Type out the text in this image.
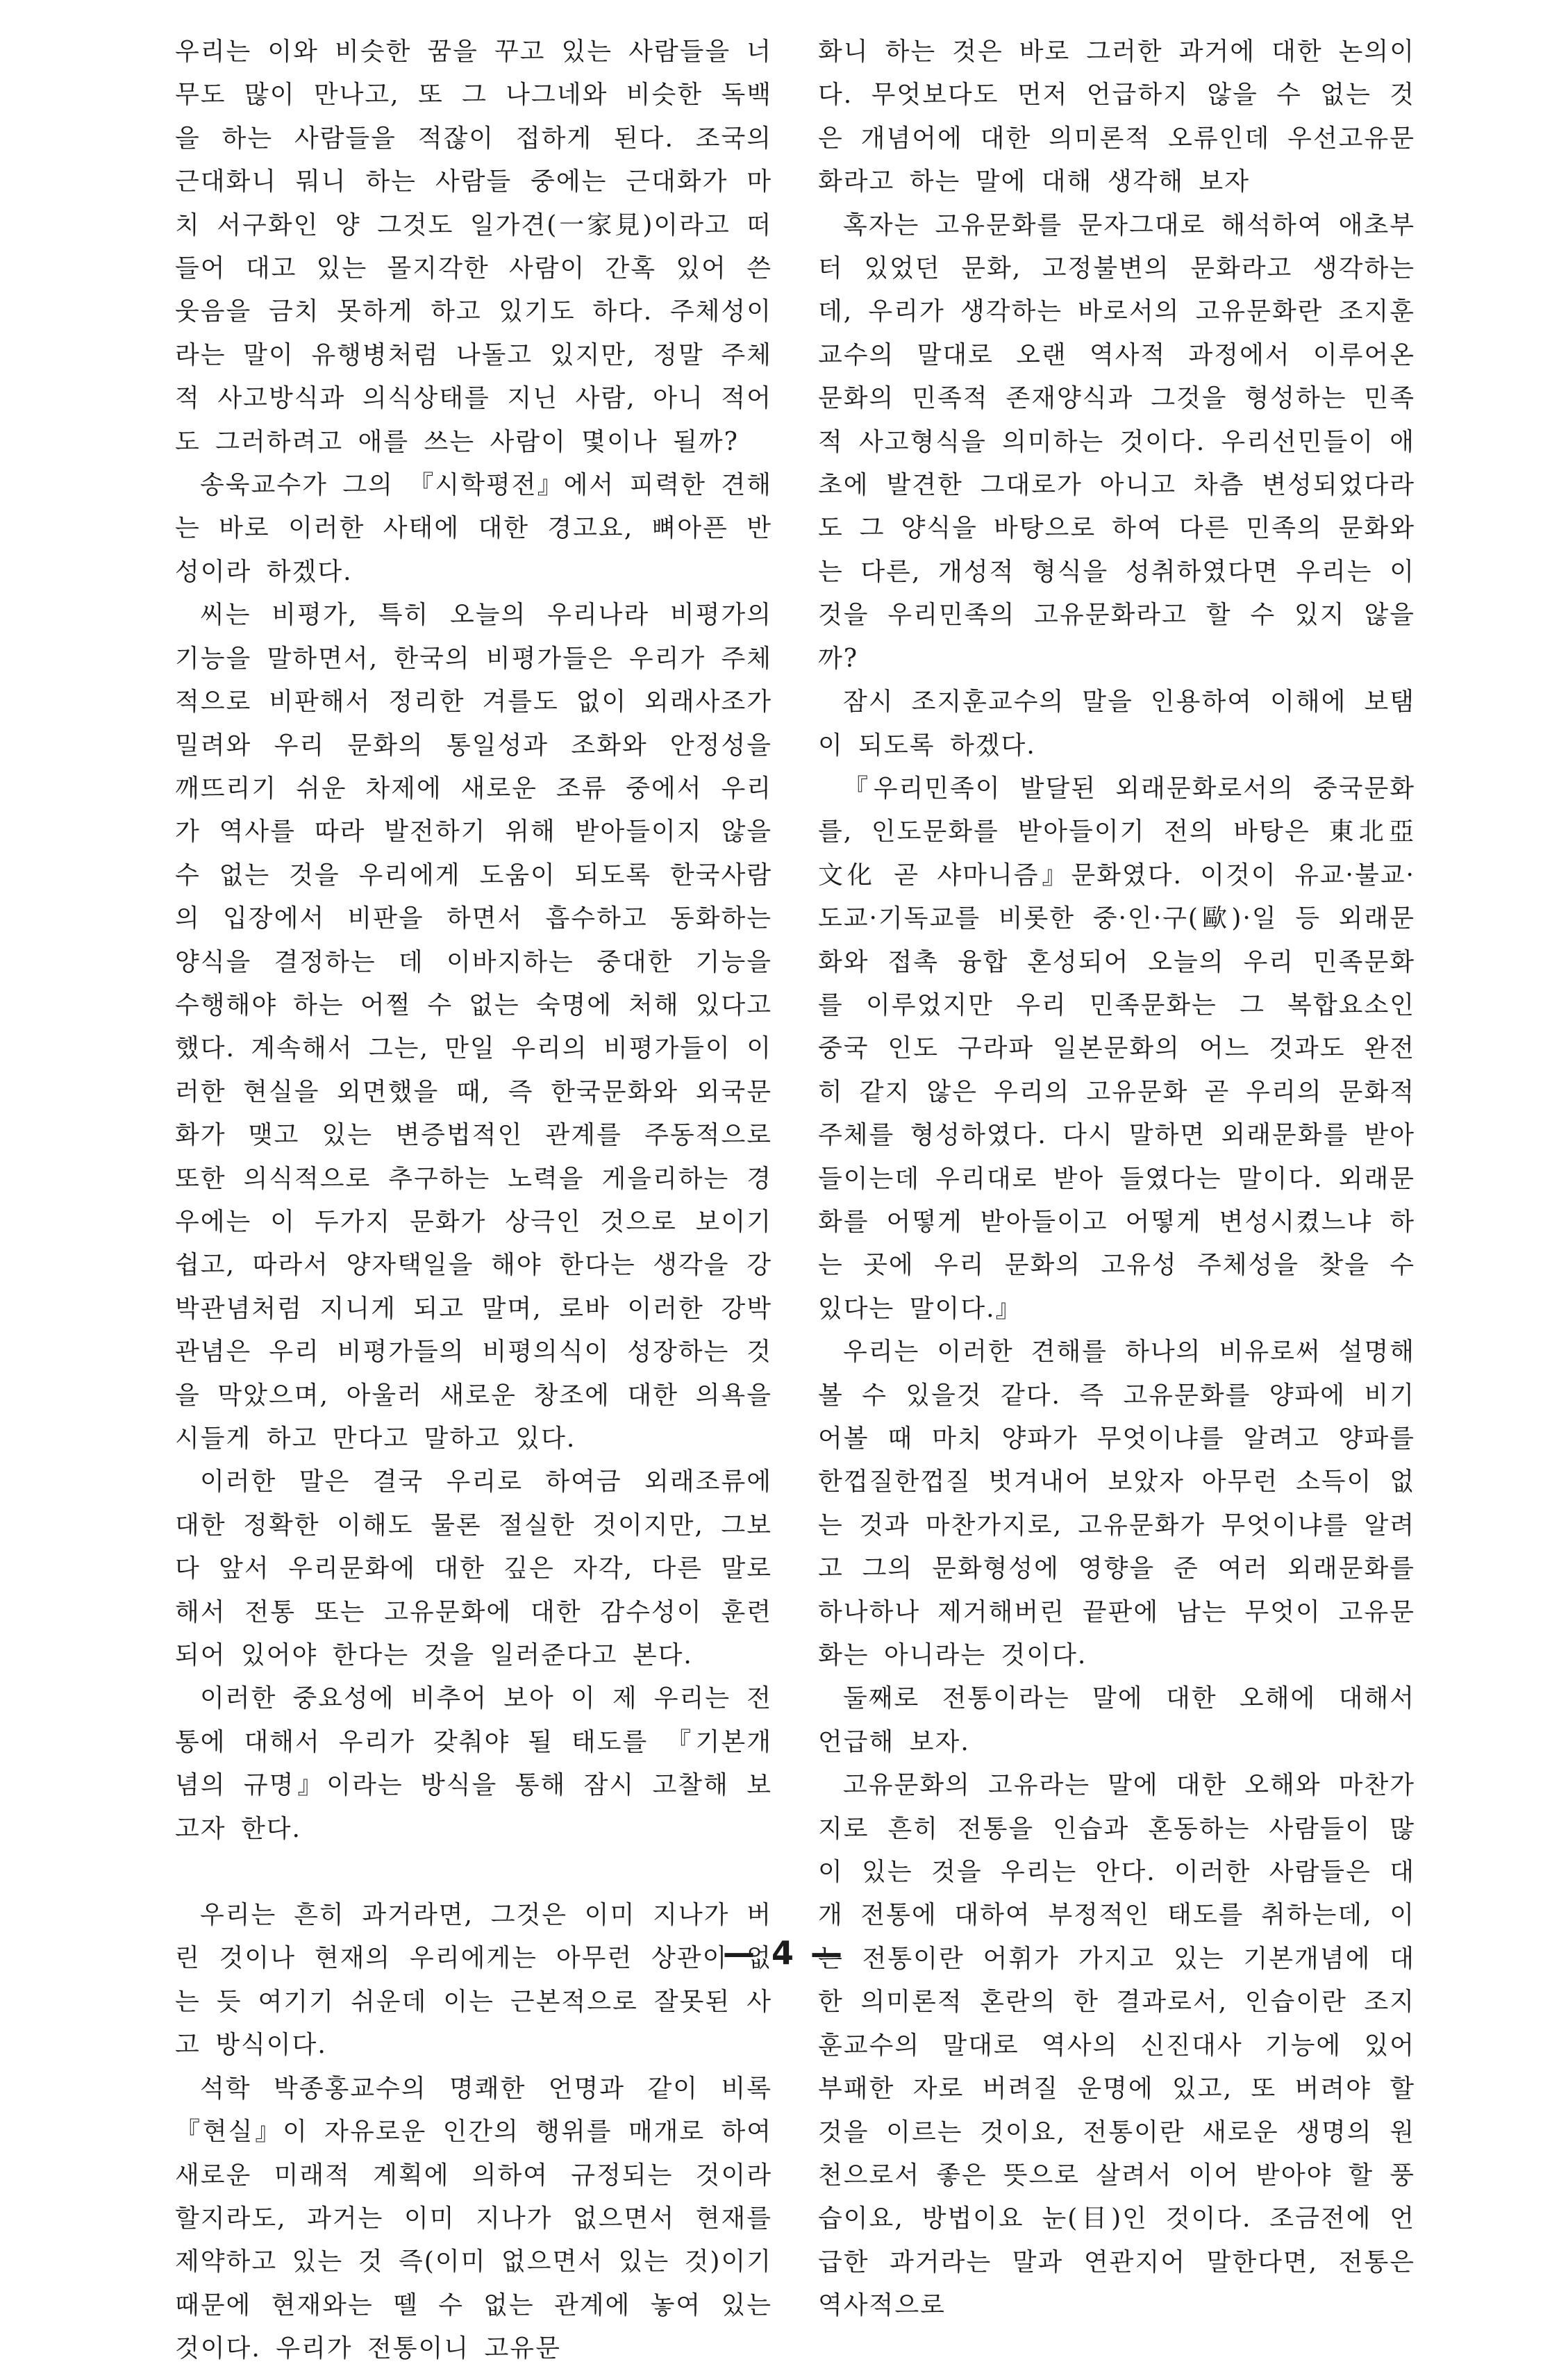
우리는 이와 비슷한 꿈을 꾸고 있는 사람들을 너무도 많이 만나고, 또 그 나그네와 비슷한 독백을 하는 사람들을 적잖이 접하게 된다. 조국의 근대화니 뭐니 하는 사람들 중에는 근대화가 마치 서구화인 양 그것도 일가견(一家見)이라고 떠들어 대고 있는 몰지각한 사람이 간혹 있어 쓴 웃음을 금치 못하게 하고 있기도 하다. 주체성이라는 말이 유행병처럼 나돌고 있지만, 정말 주체적 사고방식과 의식상태를 지닌 사람, 아니 적어도 그러하려고 애를 쓰는 사람이 몇이나 될까?

송욱교수가 그의 『시학평전』에서 피력한 견해는 바로 이러한 사태에 대한 경고요, 뼈아픈 반성이라 하겠다.

씨는 비평가, 특히 오늘의 우리나라 비평가의 기능을 말하면서, 한국의 비평가들은 우리가 주체적으로 비판해서 정리한 겨를도 없이 외래사조가 밀려와 우리 문화의 통일성과 조화와 안정성을 깨뜨리기 쉬운 차제에 새로운 조류 중에서 우리가 역사를 따라 발전하기 위해 받아들이지 않을 수 없는 것을 우리에게 도움이 되도록 한국사람의 입장에서 비판을 하면서 흡수하고 동화하는 양식을 결정하는 데 이바지하는 중대한 기능을 수행해야 하는 어쩔 수 없는 숙명에 처해 있다고 했다. 계속해서 그는, 만일 우리의 비평가들이 이러한 현실을 외면했을 때, 즉 한국문화와 외국문화가 맺고 있는 변증법적인 관계를 주동적으로 또한 의식적으로 추구하는 노력을 게을리하는 경우에는 이 두가지 문화가 상극인 것으로 보이기 쉽고, 따라서 양자택일을 해야 한다는 생각을 강박관념처럼 지니게 되고 말며, 로바 이러한 강박관념은 우리 비평가들의 비평의식이 성장하는 것을 막았으며, 아울러 새로운 창조에 대한 의욕을 시들게 하고 만다고 말하고 있다.

이러한 말은 결국 우리로 하여금 외래조류에 대한 정확한 이해도 물론 절실한 것이지만, 그보다 앞서 우리문화에 대한 깊은 자각, 다른 말로 해서 전통 또는 고유문화에 대한 감수성이 훈련되어 있어야 한다는 것을 일러준다고 본다.

이러한 중요성에 비추어 보아 이 제 우리는 전통에 대해서 우리가 갖춰야 될 태도를 『기본개념의 규명』이라는 방식을 통해 잠시 고찰해 보고자 한다.

우리는 흔히 과거라면, 그것은 이미 지나가 버린 것이나 현재의 우리에게는 아무런 상관이 없는 듯 여기기 쉬운데 이는 근본적으로 잘못된 사고 방식이다.

석학 박종홍교수의 명쾌한 언명과 같이 비록『현실』이 자유로운 인간의 행위를 매개로 하여 새로운 미래적 계획에 의하여 규정되는 것이라 할지라도, 과거는 이미 지나가 없으면서 현재를 제약하고 있는 것 즉(이미 없으면서 있는 것)이기 때문에 현재와는 뗄 수 없는 관계에 놓여 있는 것이다. 우리가 전통이니 고유문

화니 하는 것은 바로 그러한 과거에 대한 논의이다. 무엇보다도 먼저 언급하지 않을 수 없는 것은 개념어에 대한 의미론적 오류인데 우선고유문화라고 하는 말에 대해 생각해 보자

혹자는 고유문화를 문자그대로 해석하여 애초부터 있었던 문화, 고정불변의 문화라고 생각하는데, 우리가 생각하는 바로서의 고유문화란 조지훈교수의 말대로 오랜 역사적 과정에서 이루어온 문화의 민족적 존재양식과 그것을 형성하는 민족적 사고형식을 의미하는 것이다. 우리선민들이 애초에 발견한 그대로가 아니고 차츰 변성되었다라도 그 양식을 바탕으로 하여 다른 민족의 문화와는 다른, 개성적 형식을 성취하였다면 우리는 이것을 우리민족의 고유문화라고 할 수 있지 않을까?

잠시 조지훈교수의 말을 인용하여 이해에 보탬이 되도록 하겠다.

『우리민족이 발달된 외래문화로서의 중국문화를, 인도문화를 받아들이기 전의 바탕은 東北亞文化 곧 샤마니즘』문화였다. 이것이 유교·불교·도교·기독교를 비롯한 중·인·구(歐)·일 등 외래문화와 접촉 융합 혼성되어 오늘의 우리 민족문화를 이루었지만 우리 민족문화는 그 복합요소인 중국 인도 구라파 일본문화의 어느 것과도 완전히 같지 않은 우리의 고유문화 곧 우리의 문화적 주체를 형성하였다. 다시 말하면 외래문화를 받아들이는데 우리대로 받아 들였다는 말이다. 외래문화를 어떻게 받아들이고 어떻게 변성시켰느냐 하는 곳에 우리 문화의 고유성 주체성을 찾을 수 있다는 말이다.』

우리는 이러한 견해를 하나의 비유로써 설명해 볼 수 있을것 같다. 즉 고유문화를 양파에 비기어볼 때 마치 양파가 무엇이냐를 알려고 양파를 한껍질한껍질 벗겨내어 보았자 아무런 소득이 없는 것과 마찬가지로, 고유문화가 무엇이냐를 알려고 그의 문화형성에 영향을 준 여러 외래문화를 하나하나 제거해버린 끝판에 남는 무엇이 고유문화는 아니라는 것이다.

둘째로 전통이라는 말에 대한 오해에 대해서 언급해 보자.

고유문화의 고유라는 말에 대한 오해와 마찬가지로 흔히 전통을 인습과 혼동하는 사람들이 많이 있는 것을 우리는 안다. 이러한 사람들은 대개 전통에 대하여 부정적인 태도를 취하는데, 이는 전통이란 어휘가 가지고 있는 기본개념에 대한 의미론적 혼란의 한 결과로서, 인습이란 조지훈교수의 말대로 역사의 신진대사 기능에 있어 부패한 자로 버려질 운명에 있고, 또 버려야 할것을 이르는 것이요, 전통이란 새로운 생명의 원천으로서 좋은 뜻으로 살려서 이어 받아야 할 풍습이요, 방법이요 눈(目)인 것이다. 조금전에 언급한 과거라는 말과 연관지어 말한다면, 전통은 역사적으로

— 4 —
